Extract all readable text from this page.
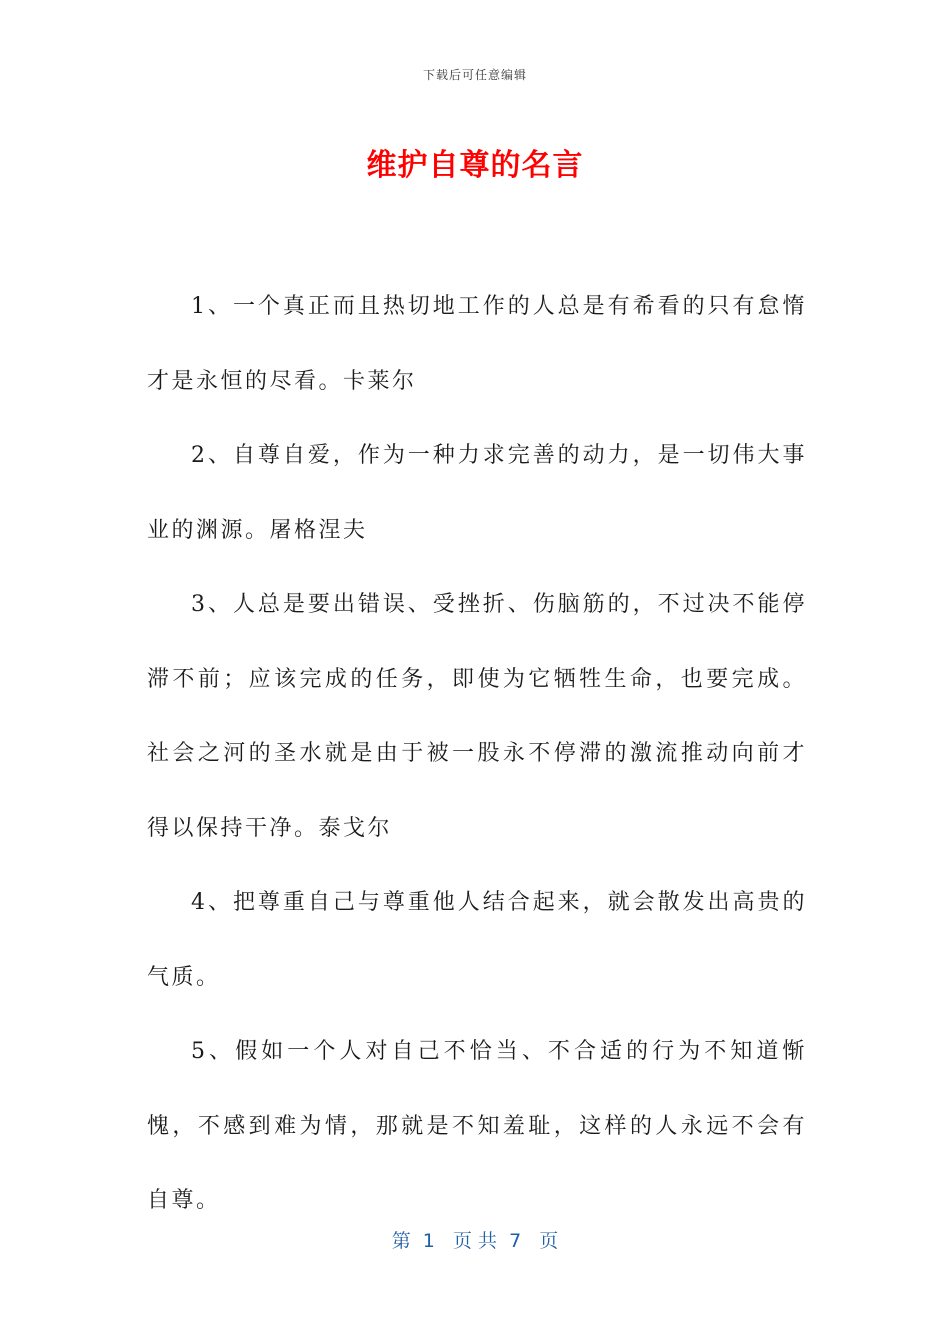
下载后可任意编辑
维护自尊的名言

1、一个真正而且热切地工作的人总是有希看的只有怠惰才是永恒的尽看。卡莱尔

2、自尊自爱，作为一种力求完善的动力，是一切伟大事业的渊源。屠格涅夫

3、人总是要出错误、受挫折、伤脑筋的，不过决不能停滞不前；应该完成的任务，即使为它牺牲生命，也要完成。社会之河的圣水就是由于被一股永不停滞的激流推动向前才得以保持干净。泰戈尔

4、把尊重自己与尊重他人结合起来，就会散发出高贵的气质。

5、假如一个人对自己不恰当、不合适的行为不知道惭愧，不感到难为情，那就是不知羞耻，这样的人永远不会有自尊。

第  1   页 共  7   页
